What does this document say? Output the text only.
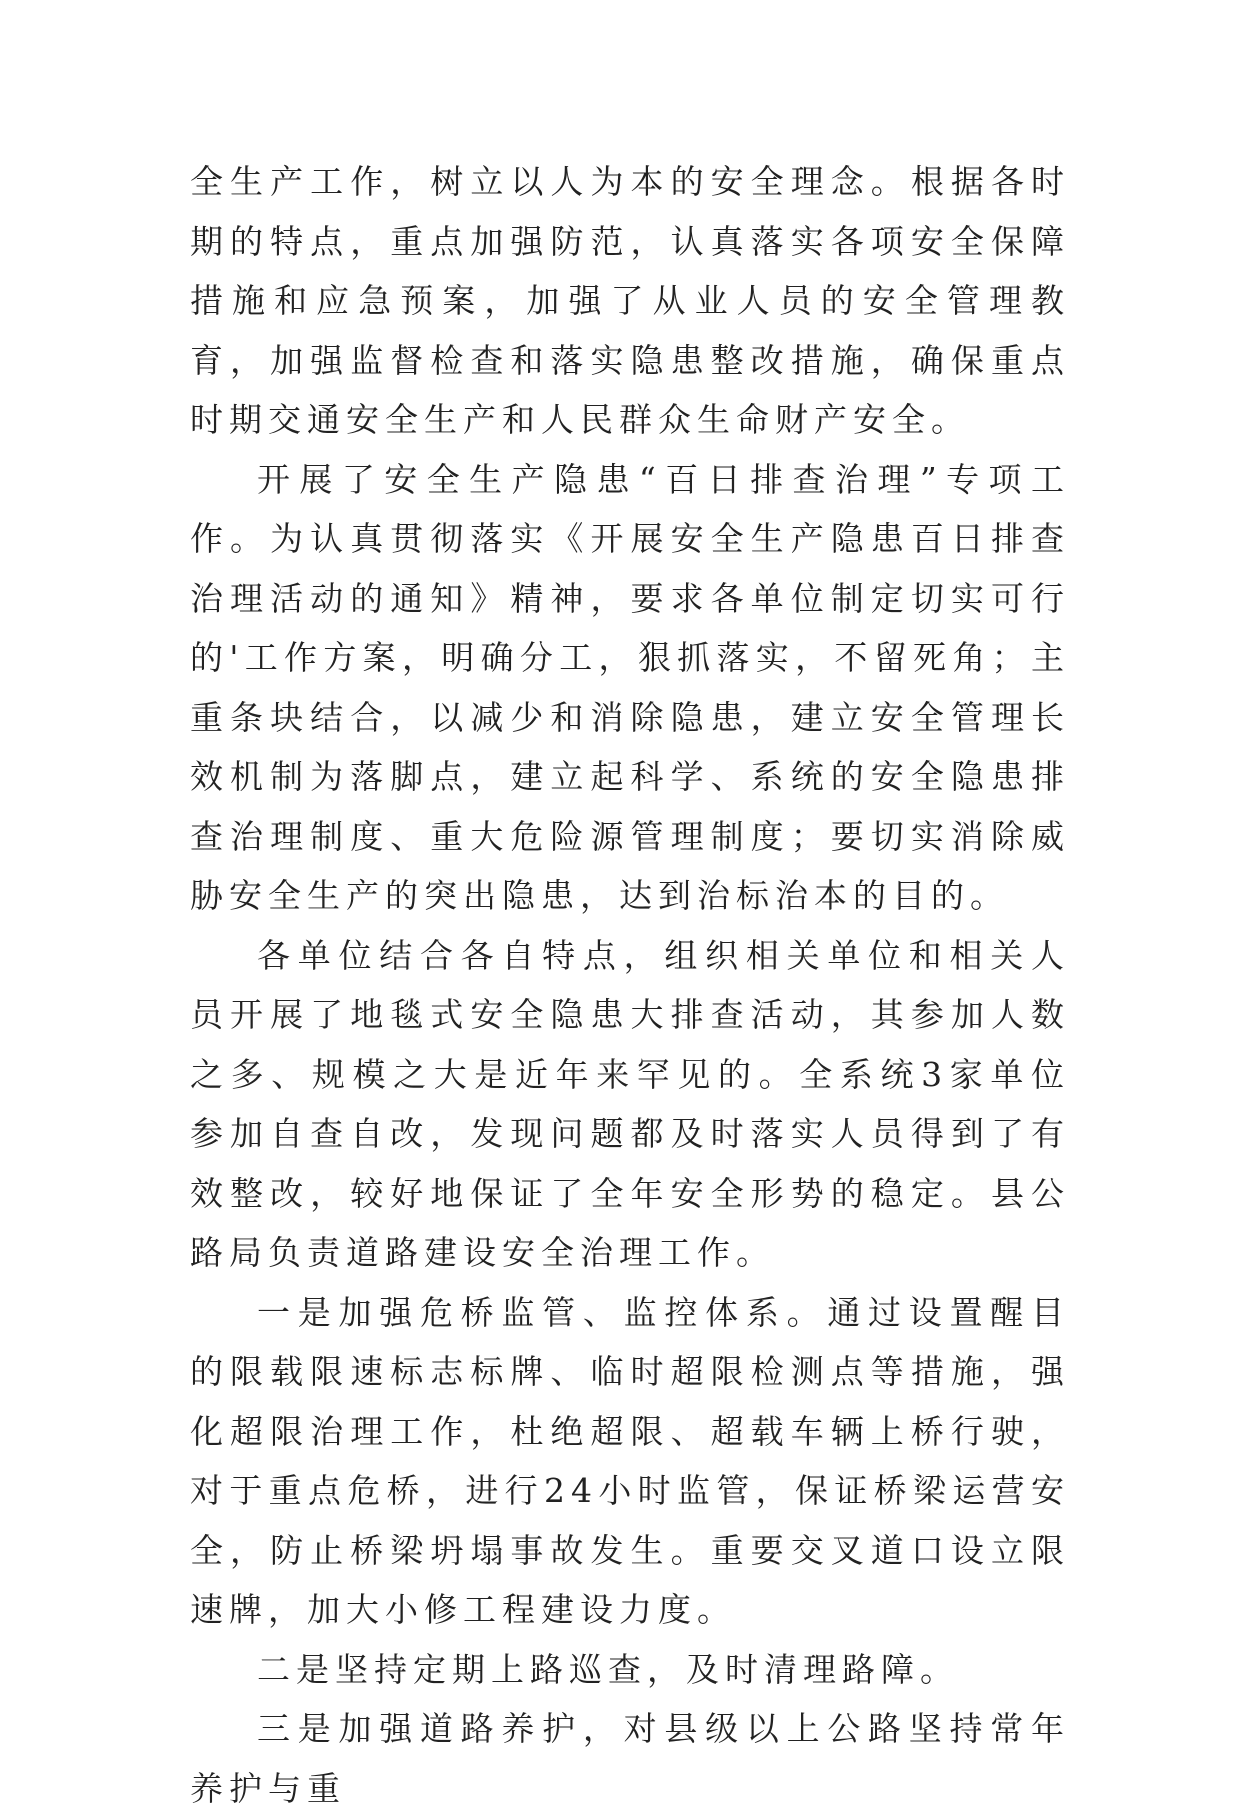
全生产工作，树立以人为本的安全理念。根据各时期的特点，重点加强防范，认真落实各项安全保障措施和应急预案，加强了从业人员的安全管理教育，加强监督检查和落实隐患整改措施，确保重点时期交通安全生产和人民群众生命财产安全。

开展了安全生产隐患“百日排查治理”专项工作。为认真贯彻落实《开展安全生产隐患百日排查治理活动的通知》精神，要求各单位制定切实可行的'工作方案，明确分工，狠抓落实，不留死角；主重条块结合，以减少和消除隐患，建立安全管理长效机制为落脚点，建立起科学、系统的安全隐患排查治理制度、重大危险源管理制度；要切实消除威胁安全生产的突出隐患，达到治标治本的目的。

各单位结合各自特点，组织相关单位和相关人员开展了地毯式安全隐患大排查活动，其参加人数之多、规模之大是近年来罕见的。全系统3家单位参加自查自改，发现问题都及时落实人员得到了有效整改，较好地保证了全年安全形势的稳定。县公路局负责道路建设安全治理工作。

一是加强危桥监管、监控体系。通过设置醒目的限载限速标志标牌、临时超限检测点等措施，强化超限治理工作，杜绝超限、超载车辆上桥行驶，对于重点危桥，进行24小时监管，保证桥梁运营安全，防止桥梁坍塌事故发生。重要交叉道口设立限速牌，加大小修工程建设力度。

二是坚持定期上路巡查，及时清理路障。

三是加强道路养护，对县级以上公路坚持常年养护与重
